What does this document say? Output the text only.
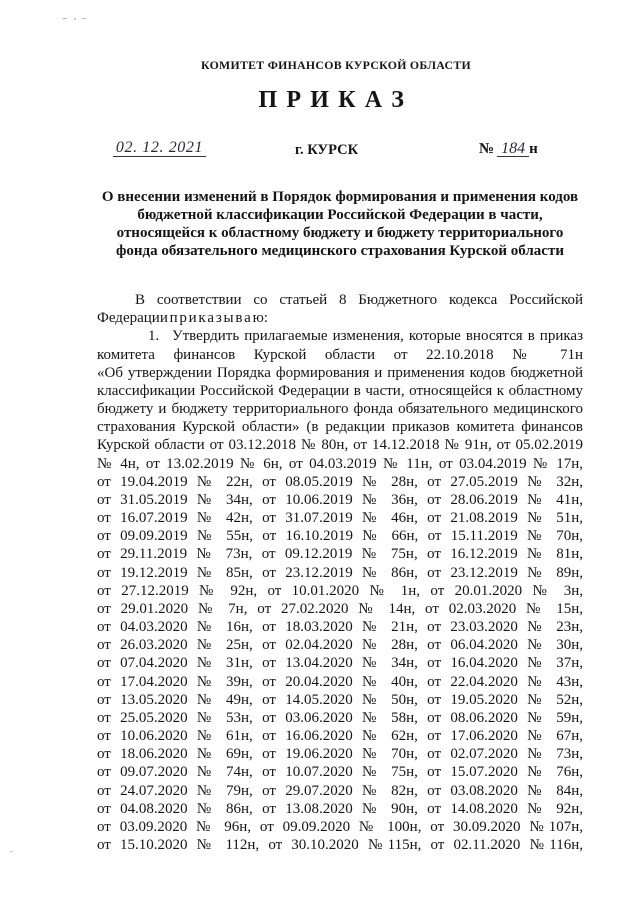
КОМИТЕТ ФИНАНСОВ КУРСКОЙ ОБЛАСТИ
П Р И К А З
02. 12. 2021	г. КУРСК	№ 184 н
О внесении изменений в Порядок формирования и применения кодов
бюджетной классификации Российской Федерации в части,
относящейся к областному бюджету и бюджету территориального
фонда обязательного медицинского страхования Курской области
В соответствии со статьей 8 Бюджетного кодекса Российской
Федерации п р и к а з ы в а ю:
1. Утвердить прилагаемые изменения, которые вносятся в приказ
комитета финансов Курской области от 22.10.2018 № 71н
«Об утверждении Порядка формирования и применения кодов бюджетной
классификации Российской Федерации в части, относящейся к областному
бюджету и бюджету территориального фонда обязательного медицинского
страхования Курской области» (в редакции приказов комитета финансов
Курской области от 03.12.2018 № 80н, от 14.12.2018 № 91н, от 05.02.2019
№ 4н, от 13.02.2019 № 6н, от 04.03.2019 № 11н, от 03.04.2019 № 17н,
от 19.04.2019 № 22н, от 08.05.2019 № 28н, от 27.05.2019 № 32н,
от 31.05.2019 № 34н, от 10.06.2019 № 36н, от 28.06.2019 № 41н,
от 16.07.2019 № 42н, от 31.07.2019 № 46н, от 21.08.2019 № 51н,
от 09.09.2019 № 55н, от 16.10.2019 № 66н, от 15.11.2019 № 70н,
от 29.11.2019 № 73н, от 09.12.2019 № 75н, от 16.12.2019 № 81н,
от 19.12.2019 № 85н, от 23.12.2019 № 86н, от 23.12.2019 № 89н,
от 27.12.2019 № 92н, от 10.01.2020 № 1н, от 20.01.2020 № 3н,
от 29.01.2020 № 7н, от 27.02.2020 № 14н, от 02.03.2020 № 15н,
от 04.03.2020 № 16н, от 18.03.2020 № 21н, от 23.03.2020 № 23н,
от 26.03.2020 № 25н, от 02.04.2020 № 28н, от 06.04.2020 № 30н,
от 07.04.2020 № 31н, от 13.04.2020 № 34н, от 16.04.2020 № 37н,
от 17.04.2020 № 39н, от 20.04.2020 № 40н, от 22.04.2020 № 43н,
от 13.05.2020 № 49н, от 14.05.2020 № 50н, от 19.05.2020 № 52н,
от 25.05.2020 № 53н, от 03.06.2020 № 58н, от 08.06.2020 № 59н,
от 10.06.2020 № 61н, от 16.06.2020 № 62н, от 17.06.2020 № 67н,
от 18.06.2020 № 69н, от 19.06.2020 № 70н, от 02.07.2020 № 73н,
от 09.07.2020 № 74н, от 10.07.2020 № 75н, от 15.07.2020 № 76н,
от 24.07.2020 № 79н, от 29.07.2020 № 82н, от 03.08.2020 № 84н,
от 04.08.2020 № 86н, от 13.08.2020 № 90н, от 14.08.2020 № 92н,
от 03.09.2020 № 96н, от 09.09.2020 № 100н, от 30.09.2020 №107н,
от 15.10.2020 № 112н, от 30.10.2020 №115н, от 02.11.2020 №116н,
